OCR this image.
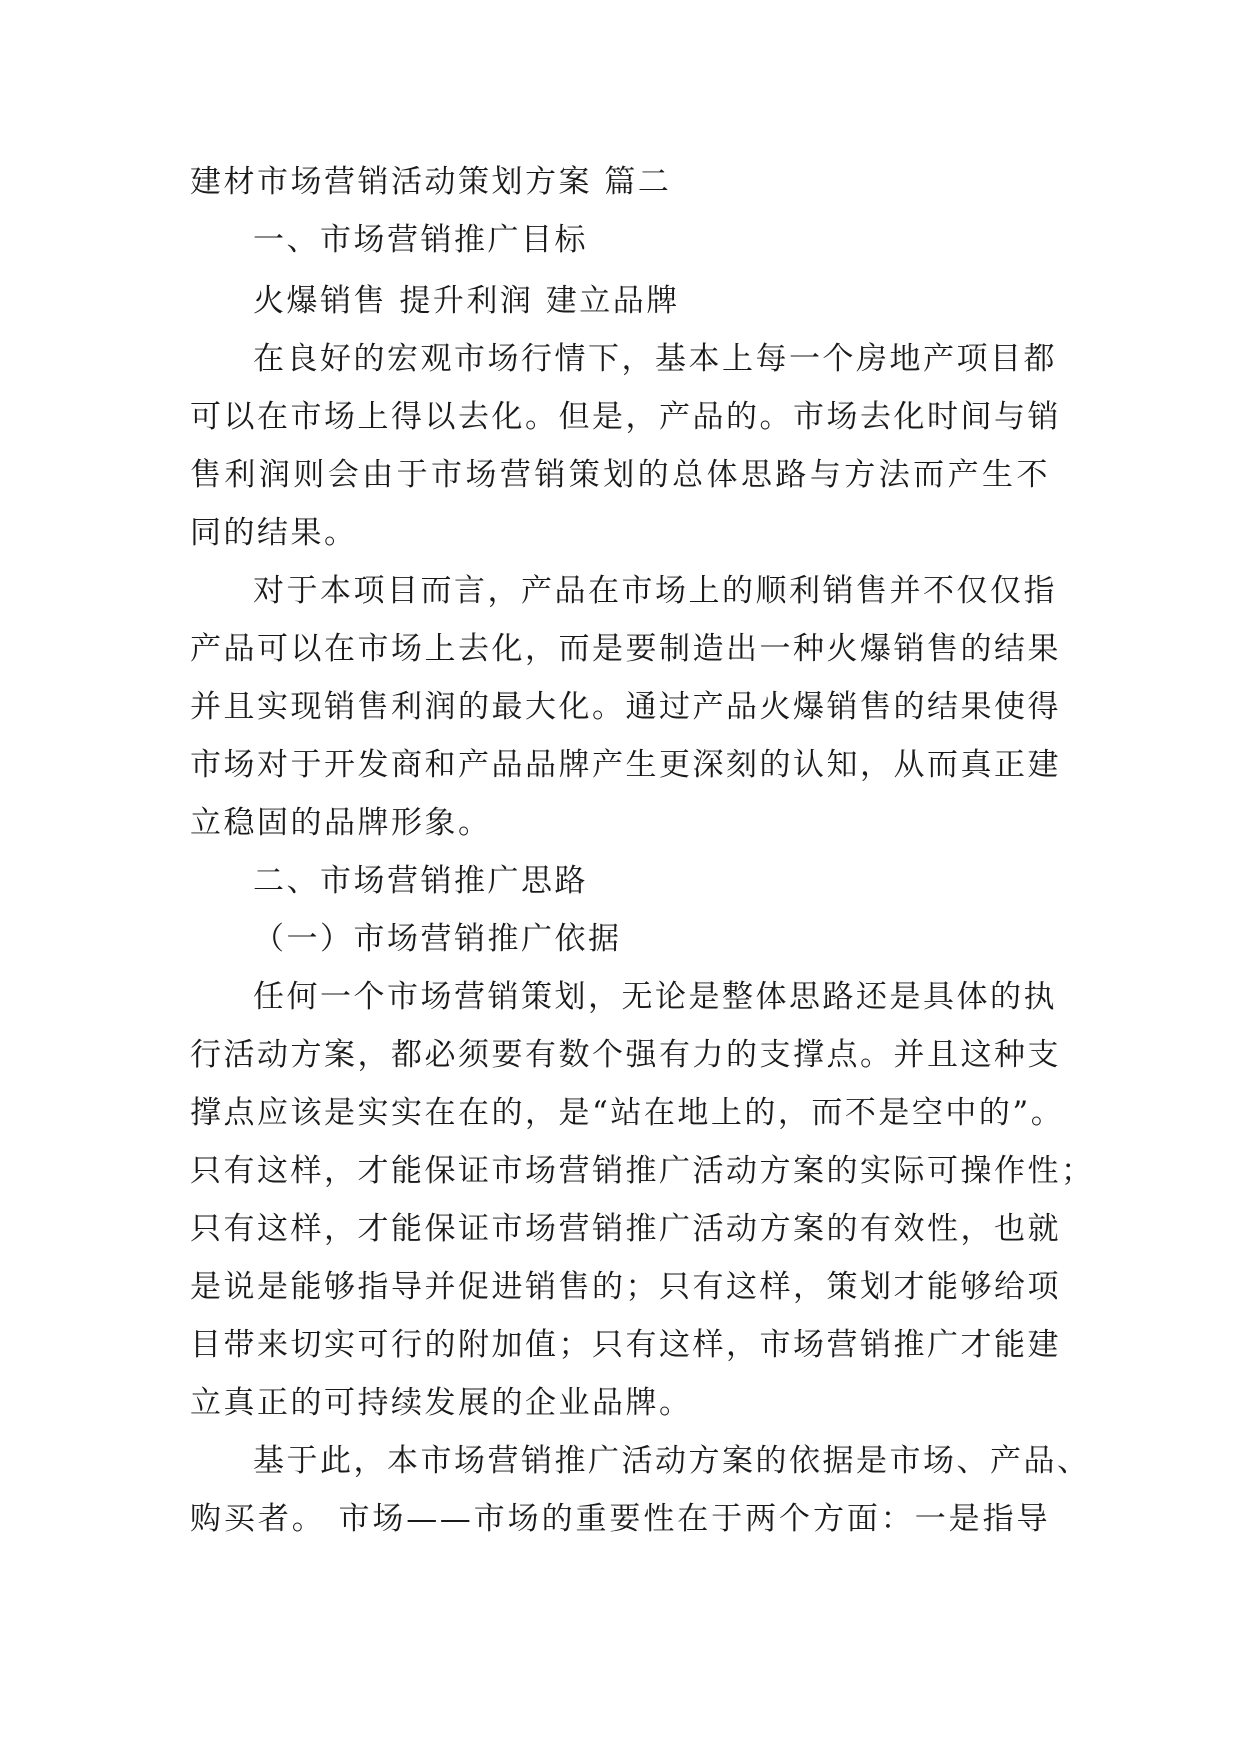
建材市场营销活动策划方案 篇二
一、市场营销推广目标
火爆销售 提升利润 建立品牌
在良好的宏观市场行情下，基本上每一个房地产项目都
可以在市场上得以去化。但是，产品的。市场去化时间与销
售利润则会由于市场营销策划的总体思路与方法而产生不
同的结果。
对于本项目而言，产品在市场上的顺利销售并不仅仅指
产品可以在市场上去化，而是要制造出一种火爆销售的结果
并且实现销售利润的最大化。通过产品火爆销售的结果使得
市场对于开发商和产品品牌产生更深刻的认知，从而真正建
立稳固的品牌形象。
二、市场营销推广思路
（一）市场营销推广依据
任何一个市场营销策划，无论是整体思路还是具体的执
行活动方案，都必须要有数个强有力的支撑点。并且这种支
撑点应该是实实在在的，是“站在地上的，而不是空中的”。
只有这样，才能保证市场营销推广活动方案的实际可操作性；
只有这样，才能保证市场营销推广活动方案的有效性，也就
是说是能够指导并促进销售的；只有这样，策划才能够给项
目带来切实可行的附加值；只有这样，市场营销推广才能建
立真正的可持续发展的企业品牌。
基于此，本市场营销推广活动方案的依据是市场、产品、
购买者。 市场——市场的重要性在于两个方面：一是指导
